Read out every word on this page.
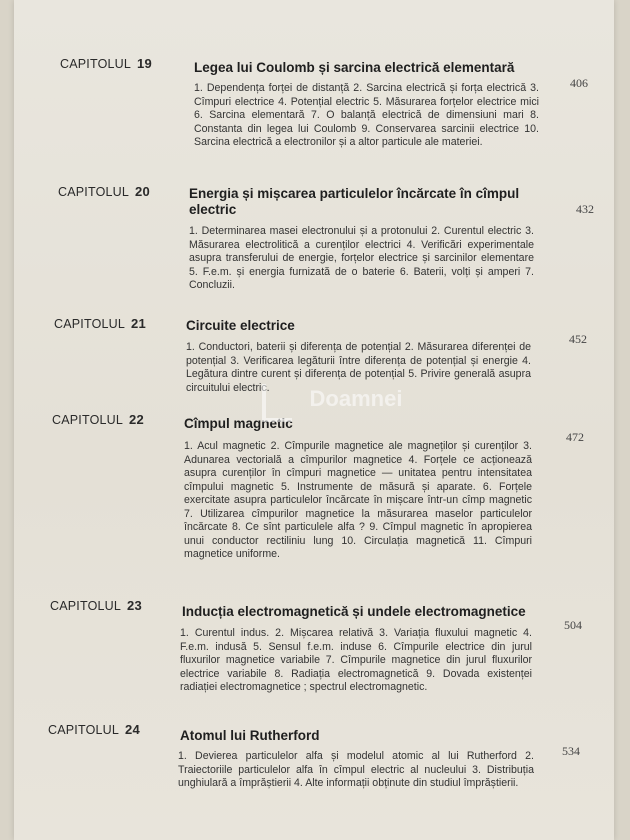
CAPITOLUL 19	Legea lui Coulomb și sarcina electrică elementară
1. Dependența forței de distanță 2. Sarcina electrică și forța electrică 3. Cîmpuri electrice 4. Potențial electric 5. Măsurarea forțelor electrice mici 6. Sarcina elementară 7. O balanță electrică de dimensiuni mari 8. Constanta din legea lui Coulomb 9. Conservarea sarcinii electrice 10. Sarcina electrică a electronilor și a altor particule ale materiei.
406
CAPITOLUL 20	Energia și mișcarea particulelor încărcate în cîmpul electric
1. Determinarea masei electronului și a protonului 2. Curentul electric 3. Măsurarea electrolitică a curenților electrici 4. Verificări experimentale asupra transferului de energie, forțelor electrice și sarcinilor elementare 5. F.e.m. și energia furnizată de o baterie 6. Baterii, volți și amperi 7. Concluzii.
432
CAPITOLUL 21	Circuite electrice
1. Conductori, baterii și diferența de potențial 2. Măsurarea diferenței de potențial 3. Verificarea legăturii între diferența de potențial și energie 4. Legătura dintre curent și diferența de potențial 5. Privire generală asupra circuitului electric.
452
CAPITOLUL 22	Cîmpul magnetic
1. Acul magnetic 2. Cîmpurile magnetice ale magneților și curenților 3. Adunarea vectorială a cîmpurilor magnetice 4. Forțele ce acționează asupra curenților în cîmpuri magnetice — unitatea pentru intensitatea cîmpului magnetic 5. Instrumente de măsură și aparate. 6. Forțele exercitate asupra particulelor încărcate în mișcare într-un cîmp magnetic 7. Utilizarea cîmpurilor magnetice la măsurarea maselor particulelor încărcate 8. Ce sînt particulele alfa ? 9. Cîmpul magnetic în apropierea unui conductor rectiliniu lung 10. Circulația magnetică 11. Cîmpuri magnetice uniforme.
472
CAPITOLUL 23	Inducția electromagnetică și undele electromagnetice
1. Curentul indus. 2. Mișcarea relativă 3. Variația fluxului magnetic 4. F.e.m. indusă 5. Sensul f.e.m. induse 6. Cîmpurile electrice din jurul fluxurilor magnetice variabile 7. Cîmpurile magnetice din jurul fluxurilor electrice variabile 8. Radiația electromagnetică 9. Dovada existenței radiației electromagnetice ; spectrul electromagnetic.
504
CAPITOLUL 24	Atomul lui Rutherford
1. Devierea particulelor alfa și modelul atomic al lui Rutherford 2. Traiectoriile particulelor alfa în cîmpul electric al nucleului 3. Distribuția unghiulară a împrăștierii 4. Alte informații obținute din studiul împrăștierii.
534
Doamnei
